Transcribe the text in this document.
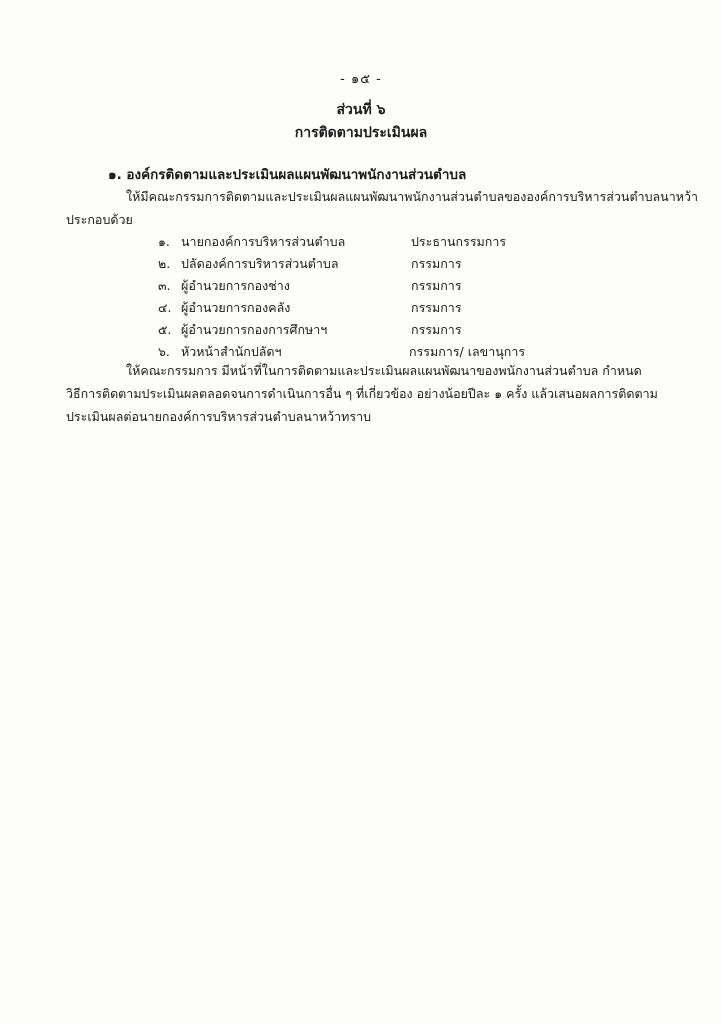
- ๑๕ -
ส่วนที่ ๖
การติดตามประเมินผล
๑. องค์กรติดตามและประเมินผลแผนพัฒนาพนักงานส่วนตำบล
ให้มีคณะกรรมการติดตามและประเมินผลแผนพัฒนาพนักงานส่วนตำบลขององค์การบริหารส่วนตำบลนาหว้า
ประกอบด้วย
๑. นายกองค์การบริหารส่วนตำบล	ประธานกรรมการ
๒. ปลัดองค์การบริหารส่วนตำบล	กรรมการ
๓. ผู้อำนวยการกองช่าง	กรรมการ
๔. ผู้อำนวยการกองคลัง	กรรมการ
๕. ผู้อำนวยการกองการศึกษาฯ	กรรมการ
๖. หัวหน้าสำนักปลัดฯ	กรรมการ/ เลขานุการ
ให้คณะกรรมการ มีหน้าที่ในการติดตามและประเมินผลแผนพัฒนาของพนักงานส่วนตำบล กำหนด
วิธีการติดตามประเมินผลตลอดจนการดำเนินการอื่น ๆ ที่เกี่ยวข้อง อย่างน้อยปีละ ๑ ครั้ง แล้วเสนอผลการติดตาม
ประเมินผลต่อนายกองค์การบริหารส่วนตำบลนาหว้าทราบ
